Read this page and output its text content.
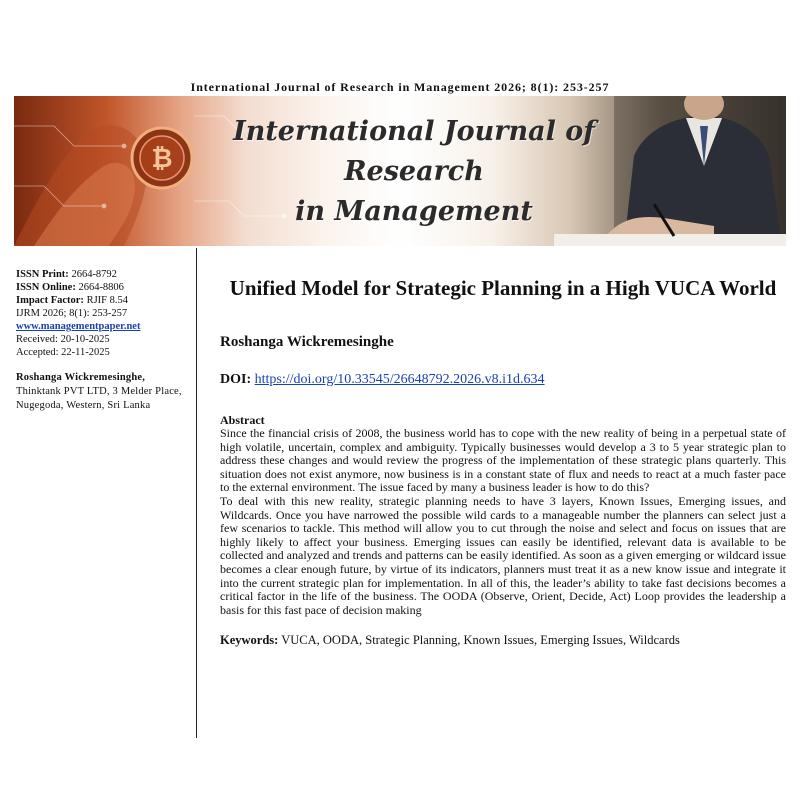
International Journal of Research in Management 2026; 8(1): 253-257
₿
International Journal of
Research
in Management
ISSN Print: 2664-8792
ISSN Online: 2664-8806
Impact Factor: RJIF 8.54
IJRM 2026; 8(1): 253-257
www.managementpaper.net
Received: 20-10-2025
Accepted: 22-11-2025
Roshanga Wickremesinghe,
Thinktank PVT LTD, 3 Melder Place, Nugegoda, Western, Sri Lanka
Unified Model for Strategic Planning in a High VUCA World
Roshanga Wickremesinghe
DOI: https://doi.org/10.33545/26648792.2026.v8.i1d.634
Abstract

Since the financial crisis of 2008, the business world has to cope with the new reality of being in a perpetual state of high volatile, uncertain, complex and ambiguity. Typically businesses would develop a 3 to 5 year strategic plan to address these changes and would review the progress of the implementation of these strategic plans quarterly. This situation does not exist anymore, now business is in a constant state of flux and needs to react at a much faster pace to the external environment. The issue faced by many a business leader is how to do this?

To deal with this new reality, strategic planning needs to have 3 layers, Known Issues, Emerging issues, and Wildcards. Once you have narrowed the possible wild cards to a manageable number the planners can select just a few scenarios to tackle. This method will allow you to cut through the noise and select and focus on issues that are highly likely to affect your business. Emerging issues can easily be identified, relevant data is available to be collected and analyzed and trends and patterns can be easily identified. As soon as a given emerging or wildcard issue becomes a clear enough future, by virtue of its indicators, planners must treat it as a new know issue and integrate it into the current strategic plan for implementation. In all of this, the leader’s ability to take fast decisions becomes a critical factor in the life of the business. The OODA (Observe, Orient, Decide, Act) Loop provides the leadership a basis for this fast pace of decision making

Keywords: VUCA, OODA, Strategic Planning, Known Issues, Emerging Issues, Wildcards
